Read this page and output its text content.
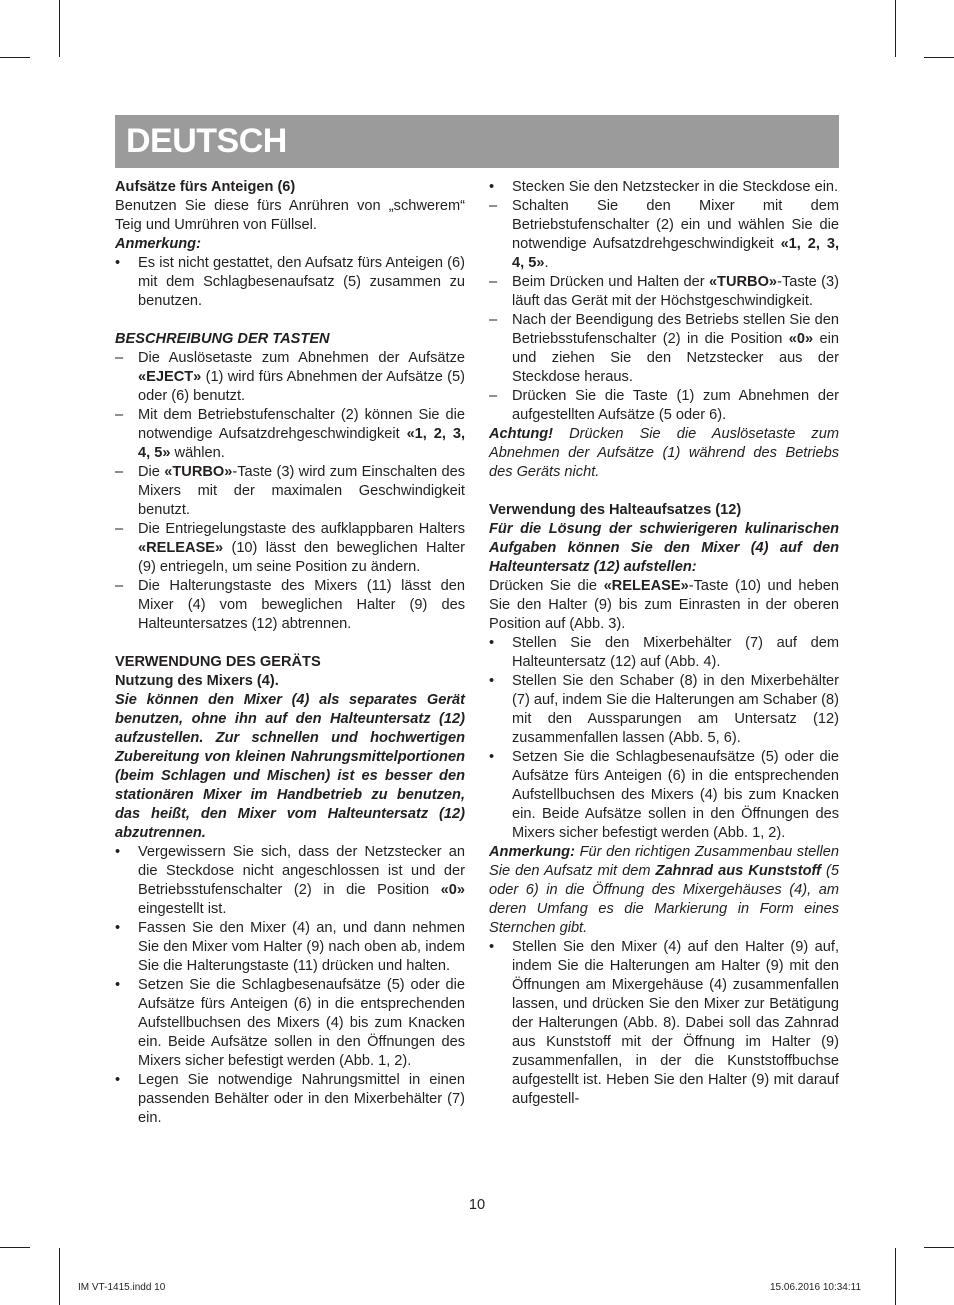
DEUTSCH
Aufsätze fürs Anteigen (6)
Benutzen Sie diese fürs Anrühren von „schwerem“ Teig und Umrühren von Füllsel.
Anmerkung:
• Es ist nicht gestattet, den Aufsatz fürs Anteigen (6) mit dem Schlagbesenaufsatz (5) zusammen zu benutzen.
BESCHREIBUNG DER TASTEN
– Die Auslösetaste zum Abnehmen der Aufsätze «EJECT» (1) wird fürs Abnehmen der Aufsätze (5) oder (6) benutzt.
– Mit dem Betriebstufenschalter (2) können Sie die notwendige Aufsatzdrehgeschwindigkeit «1, 2, 3, 4, 5» wählen.
– Die «TURBO»-Taste (3) wird zum Einschalten des Mixers mit der maximalen Geschwindigkeit benutzt.
– Die Entriegelungstaste des aufklappbaren Halters «RELEASE» (10) lässt den beweglichen Halter (9) entriegeln, um seine Position zu ändern.
– Die Halterungstaste des Mixers (11) lässt den Mixer (4) vom beweglichen Halter (9) des Halteuntersatzes (12) abtrennen.
VERWENDUNG DES GERÄTS
Nutzung des Mixers (4).
Sie können den Mixer (4) als separates Gerät benutzen, ohne ihn auf den Halteuntersatz (12) aufzustellen. Zur schnellen und hochwertigen Zubereitung von kleinen Nahrungsmittelportionen (beim Schlagen und Mischen) ist es besser den stationären Mixer im Handbetrieb zu benutzen, das heißt, den Mixer vom Halteuntersatz (12) abzutrennen.
• Vergewissern Sie sich, dass der Netzstecker an die Steckdose nicht angeschlossen ist und der Betriebsstufenschalter (2) in die Position «0» eingestellt ist.
• Fassen Sie den Mixer (4) an, und dann nehmen Sie den Mixer vom Halter (9) nach oben ab, indem Sie die Halterungstaste (11) drücken und halten.
• Setzen Sie die Schlagbesenaufsätze (5) oder die Aufsätze fürs Anteigen (6) in die entsprechenden Aufstellbuchsen des Mixers (4) bis zum Knacken ein. Beide Aufsätze sollen in den Öffnungen des Mixers sicher befestigt werden (Abb. 1, 2).
• Legen Sie notwendige Nahrungsmittel in einen passenden Behälter oder in den Mixerbehälter (7) ein.
• Stecken Sie den Netzstecker in die Steckdose ein.
– Schalten Sie den Mixer mit dem Betriebstufenschalter (2) ein und wählen Sie die notwendige Aufsatzdrehgeschwindigkeit «1, 2, 3, 4, 5».
– Beim Drücken und Halten der «TURBO»-Taste (3) läuft das Gerät mit der Höchstgeschwindigkeit.
– Nach der Beendigung des Betriebs stellen Sie den Betriebsstufenschalter (2) in die Position «0» ein und ziehen Sie den Netzstecker aus der Steckdose heraus.
– Drücken Sie die Taste (1) zum Abnehmen der aufgestellten Aufsätze (5 oder 6).
Achtung! Drücken Sie die Auslösetaste zum Abnehmen der Aufsätze (1) während des Betriebs des Geräts nicht.
Verwendung des Halteaufsatzes (12)
Für die Lösung der schwierigeren kulinarischen Aufgaben können Sie den Mixer (4) auf den Halteuntersatz (12) aufstellen:
Drücken Sie die «RELEASE»-Taste (10) und heben Sie den Halter (9) bis zum Einrasten in der oberen Position auf (Abb. 3).
• Stellen Sie den Mixerbehälter (7) auf dem Halteuntersatz (12) auf (Abb. 4).
• Stellen Sie den Schaber (8) in den Mixerbehälter (7) auf, indem Sie die Halterungen am Schaber (8) mit den Aussparungen am Untersatz (12) zusammenfallen lassen (Abb. 5, 6).
• Setzen Sie die Schlagbesenaufsätze (5) oder die Aufsätze fürs Anteigen (6) in die entsprechenden Aufstellbuchsen des Mixers (4) bis zum Knacken ein. Beide Aufsätze sollen in den Öffnungen des Mixers sicher befestigt werden (Abb. 1, 2).
Anmerkung: Für den richtigen Zusammenbau stellen Sie den Aufsatz mit dem Zahnrad aus Kunststoff (5 oder 6) in die Öffnung des Mixergehäuses (4), am deren Umfang es die Markierung in Form eines Sternchen gibt.
• Stellen Sie den Mixer (4) auf den Halter (9) auf, indem Sie die Halterungen am Halter (9) mit den Öffnungen am Mixergehäuse (4) zusammenfallen lassen, und drücken Sie den Mixer zur Betätigung der Halterungen (Abb. 8). Dabei soll das Zahnrad aus Kunststoff mit der Öffnung im Halter (9) zusammenfallen, in der die Kunststoffbuchse aufgestellt ist. Heben Sie den Halter (9) mit darauf aufgestell-
10
IM VT-1415.indd 10	15.06.2016 10:34:11
